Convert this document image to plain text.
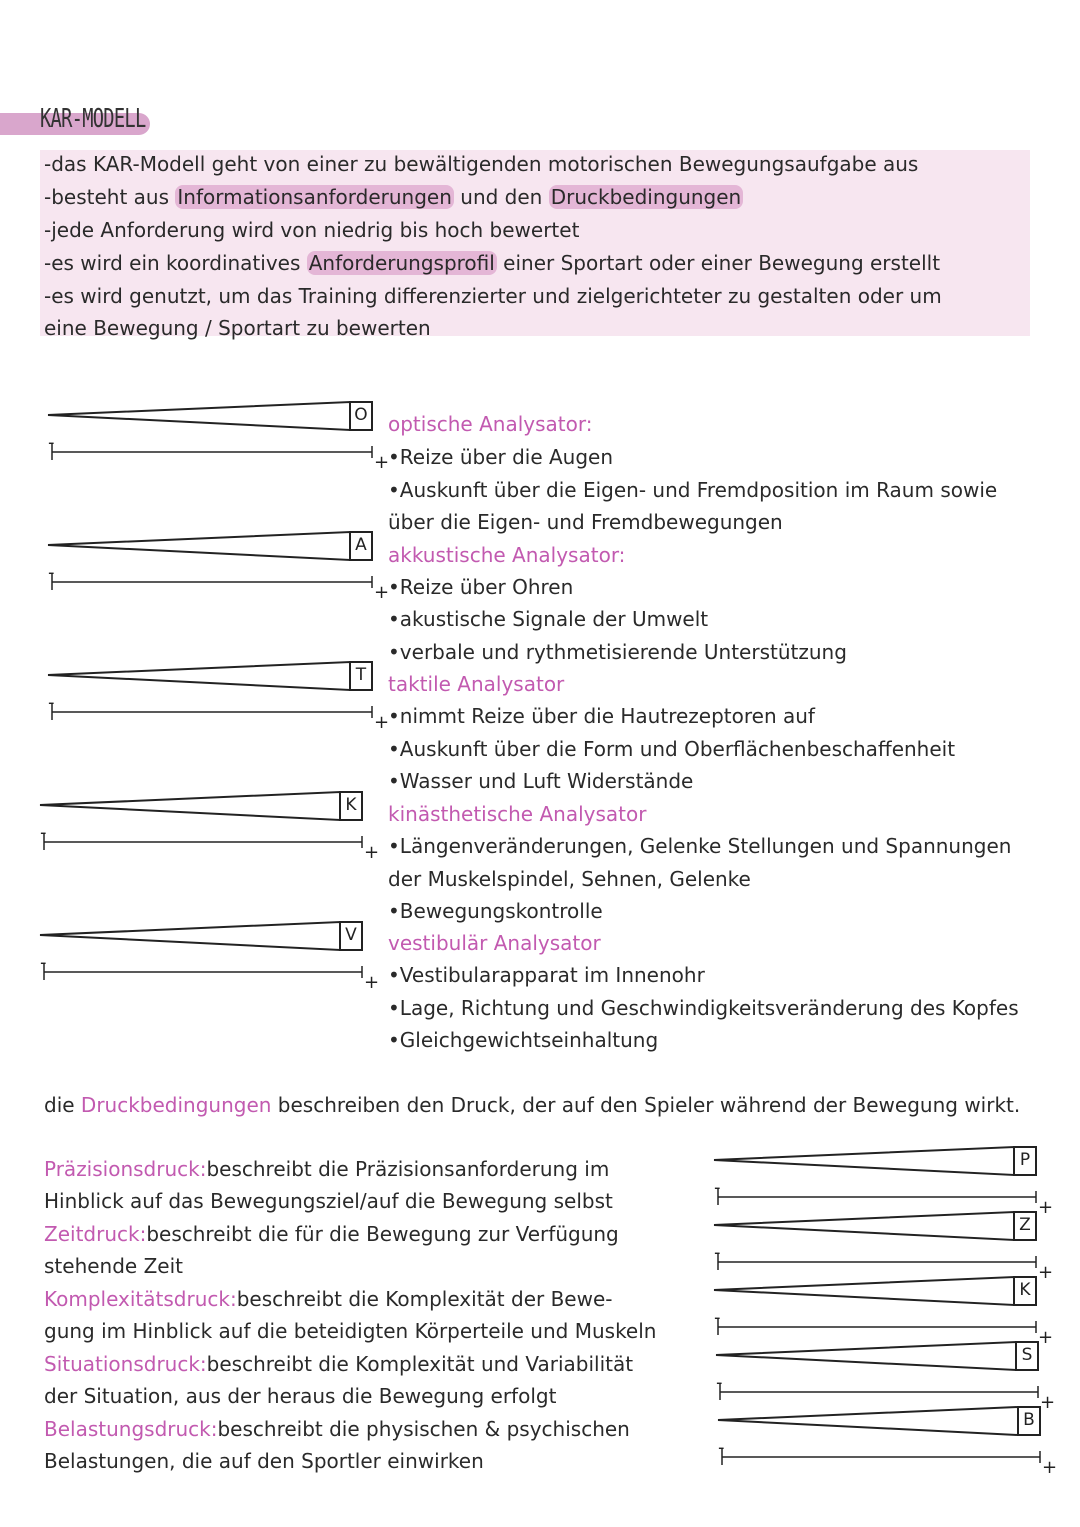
KAR-MODELL
-das KAR-Modell geht von einer zu bewältigenden motorischen Bewegungsaufgabe aus
-besteht aus Informationsanforderungen und den Druckbedingungen
-jede Anforderung wird von niedrig bis hoch bewertet
-es wird ein koordinatives Anforderungsprofil einer Sportart oder einer Bewegung erstellt
-es wird genutzt, um das Training differenzierter und zielgerichteter zu gestalten oder um
eine Bewegung / Sportart zu bewerten
O
-
+
A
-
+
T
-
+
K
-
+
V
-
+
optische Analysator:
•Reize über die Augen
•Auskunft über die Eigen- und Fremdposition im Raum sowie
über die Eigen- und Fremdbewegungen
akkustische Analysator:
•Reize über Ohren
•akustische Signale der Umwelt
•verbale und rythmetisierende Unterstützung
taktile Analysator
•nimmt Reize über die Hautrezeptoren auf
•Auskunft über die Form und Oberflächenbeschaffenheit
•Wasser und Luft Widerstände
kinästhetische Analysator
•Längenveränderungen, Gelenke Stellungen und Spannungen
der Muskelspindel, Sehnen, Gelenke
•Bewegungskontrolle
vestibulär Analysator
•Vestibularapparat im Innenohr
•Lage, Richtung und Geschwindigkeitsveränderung des Kopfes
•Gleichgewichtseinhaltung
die Druckbedingungen beschreiben den Druck, der auf den Spieler während der Bewegung wirkt.
Präzisionsdruck:beschreibt die Präzisionsanforderung im
Hinblick auf das Bewegungsziel/auf die Bewegung selbst
Zeitdruck:beschreibt die für die Bewegung zur Verfügung
stehende Zeit
Komplexitätsdruck:beschreibt die Komplexität der Bewe-
gung im Hinblick auf die beteidigten Körperteile und Muskeln
Situationsdruck:beschreibt die Komplexität und Variabilität
der Situation, aus der heraus die Bewegung erfolgt
Belastungsdruck:beschreibt die physischen & psychischen
Belastungen, die auf den Sportler einwirken
P
-
+
Z
-
+
K
-
+
S
-
+
B
-
+
